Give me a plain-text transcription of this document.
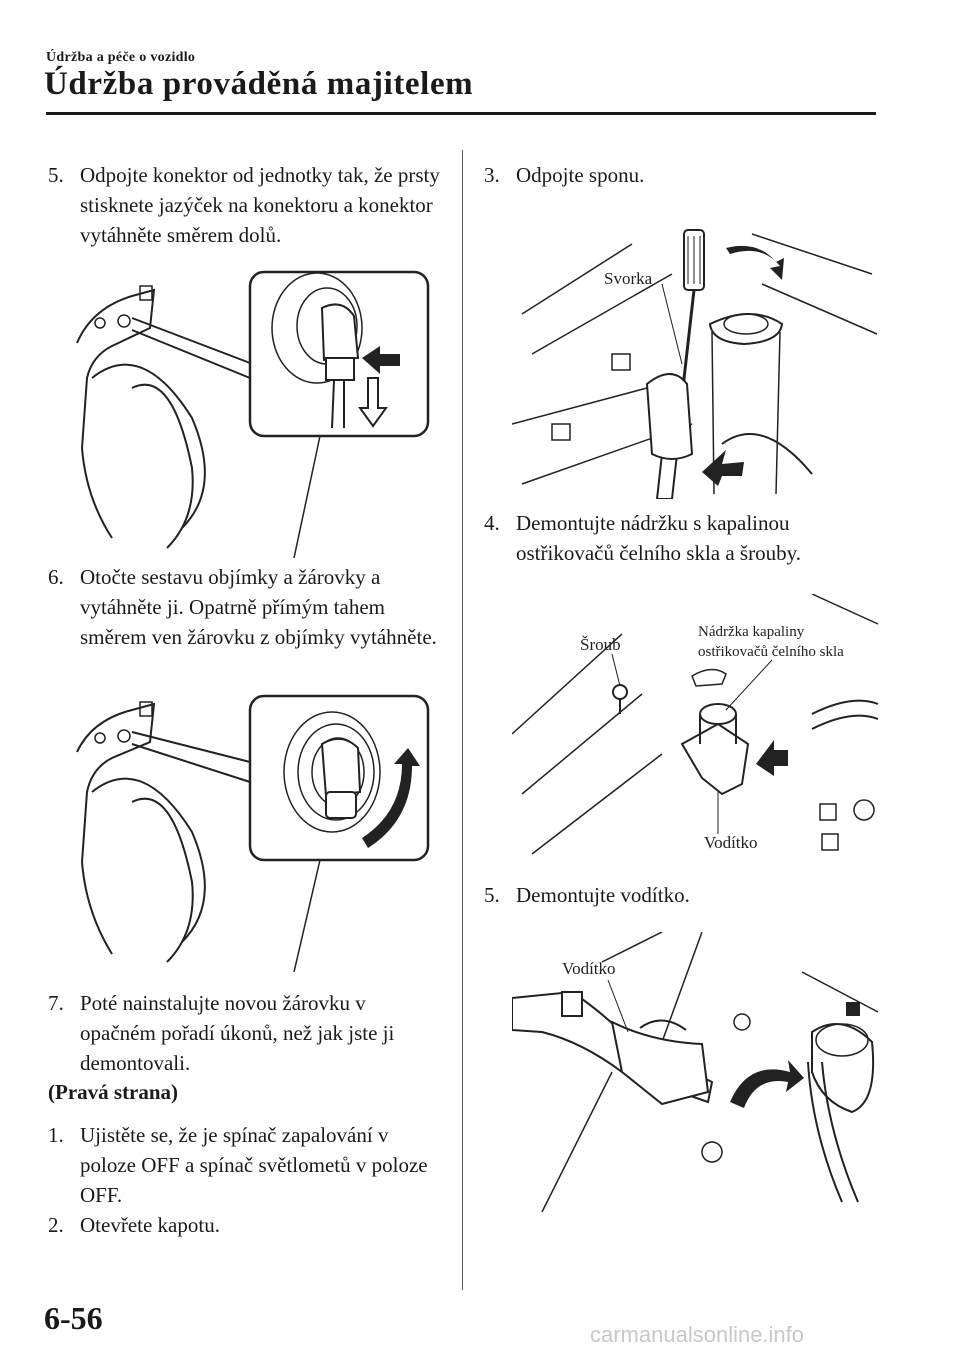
Údržba a péče o vozidlo
Údržba prováděná majitelem
5. Odpojte konektor od jednotky tak, že prsty stisknete jazýček na konektoru a konektor vytáhněte směrem dolů.
6. Otočte sestavu objímky a žárovky a vytáhněte ji. Opatrně přímým tahem směrem ven žárovku z objímky vytáhněte.
7. Poté nainstalujte novou žárovku v opačném pořadí úkonů, než jak jste ji demontovali.
(Pravá strana)
1. Ujistěte se, že je spínač zapalování v poloze OFF a spínač světlometů v poloze OFF.
2. Otevřete kapotu.
3. Odpojte sponu.
Svorka
4. Demontujte nádržku s kapalinou ostřikovačů čelního skla a šrouby.
Šroub
Nádržka kapaliny
ostřikovačů čelního skla
Vodítko
5. Demontujte vodítko.
Vodítko
6-56	carmanualsonline.info
